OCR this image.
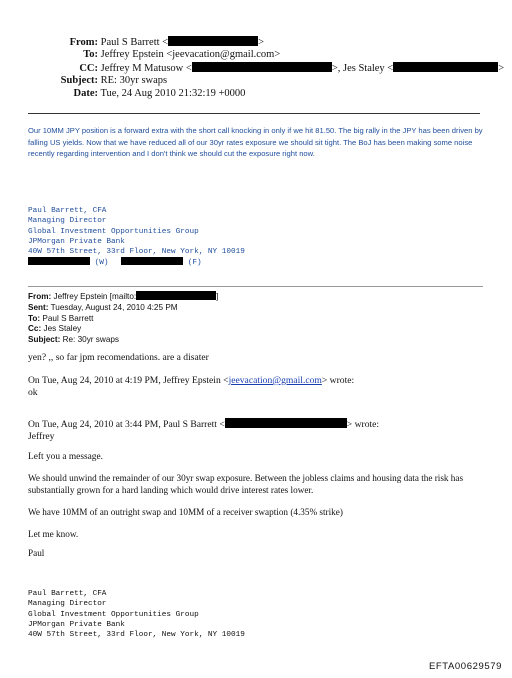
From: Paul S Barrett <	>
To: Jeffrey Epstein <jeevacation@gmail.com>
CC: Jeffrey M Matusow <	>, Jes Staley <	>
Subject: RE: 30yr swaps
Date: Tue, 24 Aug 2010 21:32:19 +0000
Our 10MM JPY position is a forward extra with the short call knocking in only if we hit 81.50. The big rally in the JPY has been driven by falling US yields. Now that we have reduced all of our 30yr rates exposure we should sit tight. The BoJ has been making some noise recently regarding intervention and I don't think we should cut the exposure right now.
Paul Barrett, CFA
Managing Director
Global Investment Opportunities Group
JPMorgan Private Bank
40W 57th Street, 33rd Floor, New York, NY 10019
(W)	(F)
From: Jeffrey Epstein [mailto:	]
Sent: Tuesday, August 24, 2010 4:25 PM
To: Paul S Barrett
Cc: Jes Staley
Subject: Re: 30yr swaps
yen? ,, so far jpm recomendations. are a disater
On Tue, Aug 24, 2010 at 4:19 PM, Jeffrey Epstein <jeevacation@gmail.com> wrote:
ok
On Tue, Aug 24, 2010 at 3:44 PM, Paul S Barrett <	> wrote:
Jeffrey
Left you a message.
We should unwind the remainder of our 30yr swap exposure. Between the jobless claims and housing data the risk has substantially grown for a hard landing which would drive interest rates lower.
We have 10MM of an outright swap and 10MM of a receiver swaption (4.35% strike)
Let me know.
Paul
Paul Barrett, CFA
Managing Director
Global Investment Opportunities Group
JPMorgan Private Bank
40W 57th Street, 33rd Floor, New York, NY 10019
EFTA00629579
